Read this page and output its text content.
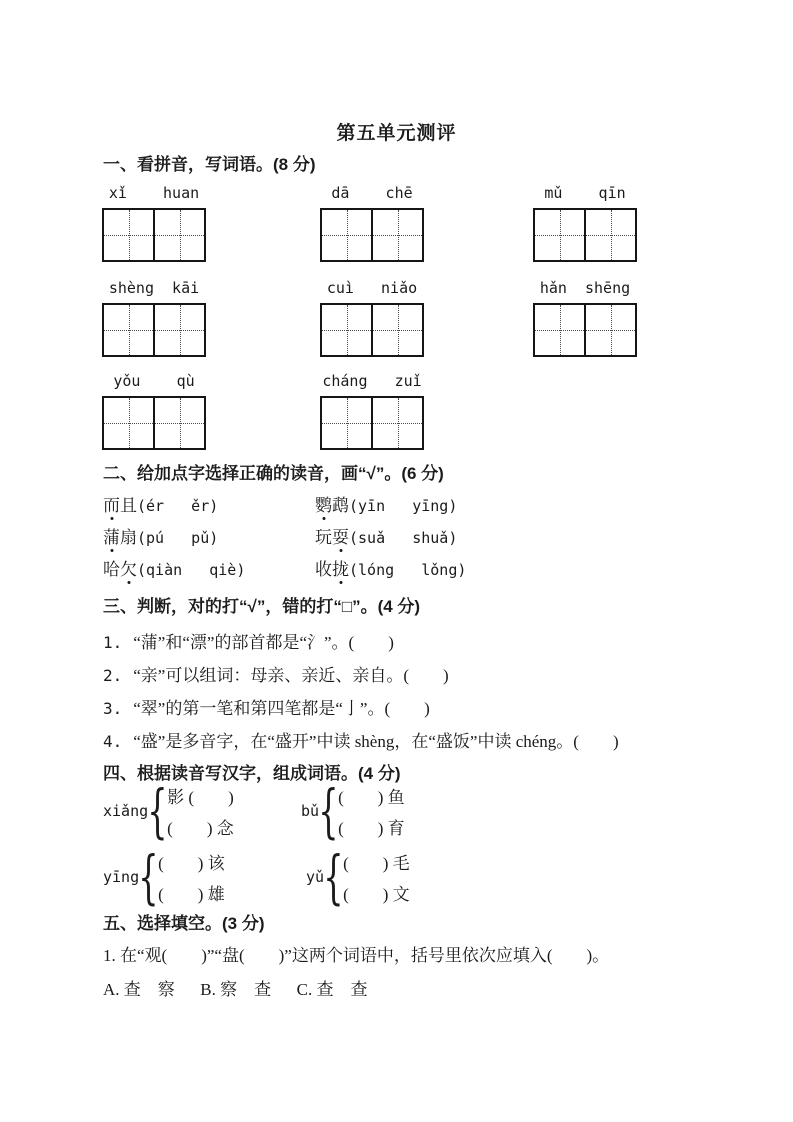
第五单元测评
一、看拼音，写词语。(8 分)
xǐ    huan	dā    chē	mǔ    qīn
shèng  kāi	cuì   niǎo	hǎn  shēng
yǒu    qù	cháng   zuǐ
二、给加点字选择正确的读音，画“√”。(6 分)
而且(ér   ěr)
蒲扇(pú   pǔ)
哈欠(qiàn   qiè)
鹦鹉(yīn   yīng)
玩耍(suǎ   shuǎ)
收拢(lóng   lǒng)
三、判断，对的打“√”，错的打“□”。(4 分)
1. “蒲”和“漂”的部首都是“氵”。(　　)
2. “亲”可以组词：母亲、亲近、亲自。(　　)
3. “翠”的第一笔和第四笔都是“亅”。(　　)
4. “盛”是多音字，在“盛开”中读 shèng，在“盛饭”中读 chéng。(　　)
四、根据读音写汉字，组成词语。(4 分)
xiǎng
{
影 (　　)
(　　) 念
bǔ
{
(　　) 鱼
(　　) 育
yīng
{
(　　) 该
(　　) 雄
yǔ
{
(　　) 毛
(　　) 文
五、选择填空。(3 分)
1. 在“观(　　)”“盘(　　)”这两个词语中，括号里依次应填入(　　)。
A. 查　察　  B. 察　查　  C. 查　查
